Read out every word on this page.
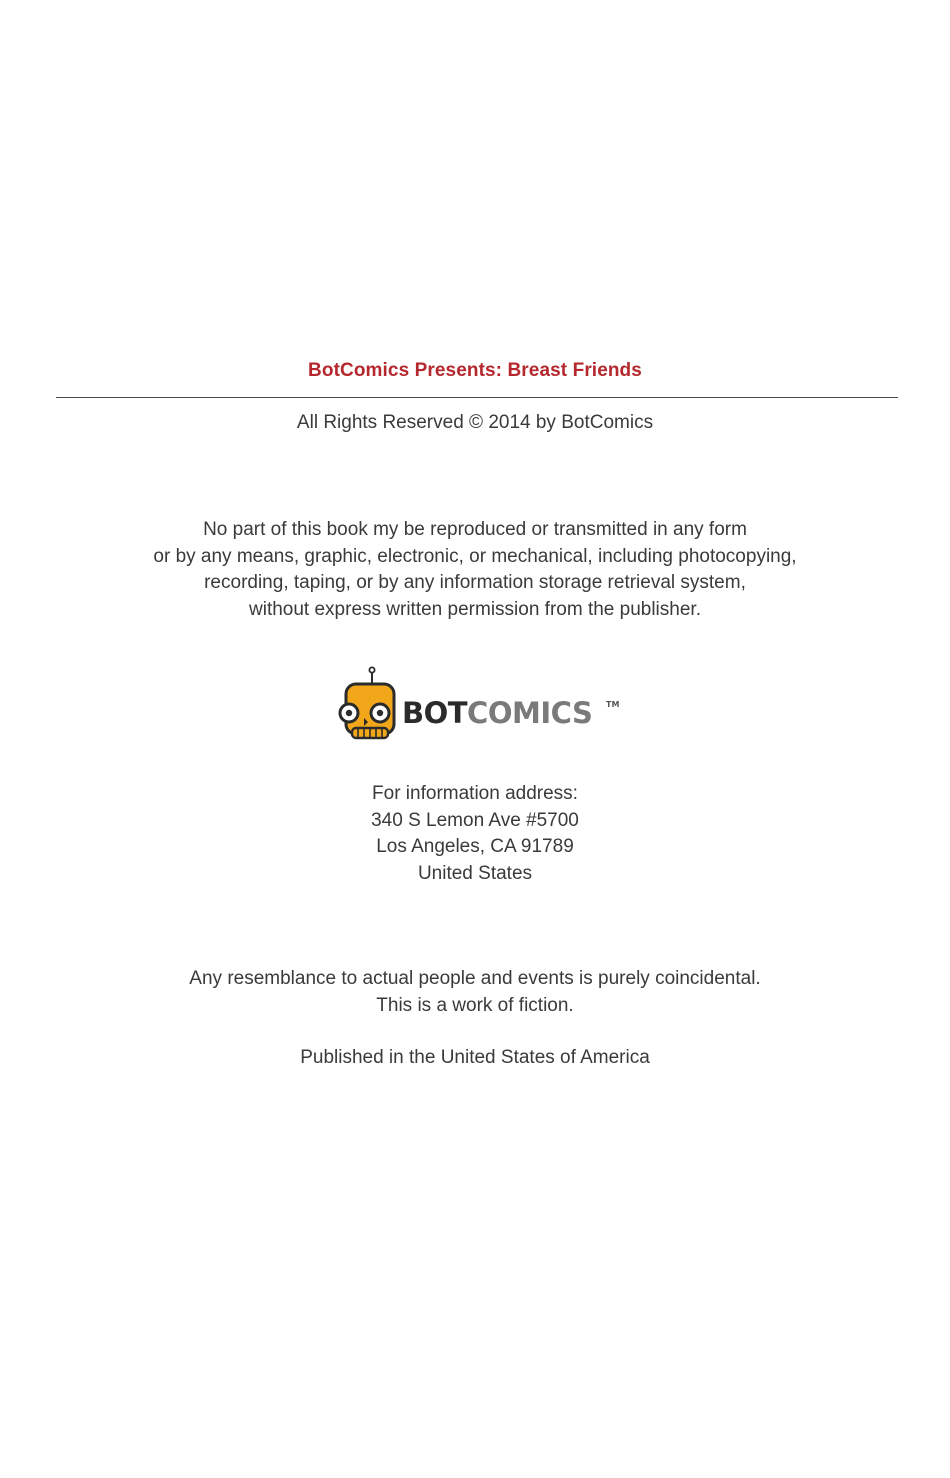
BotComics Presents: Breast Friends
All Rights Reserved © 2014 by BotComics
No part of this book my be reproduced or transmitted in any form
or by any means, graphic, electronic, or mechanical, including photocopying,
recording, taping, or by any information storage retrieval system,
without express written permission from the publisher.
BOTCOMICS TM
For information address:
340 S Lemon Ave #5700
Los Angeles, CA 91789
United States
Any resemblance to actual people and events is purely coincidental.
This is a work of fiction.
Published in the United States of America
